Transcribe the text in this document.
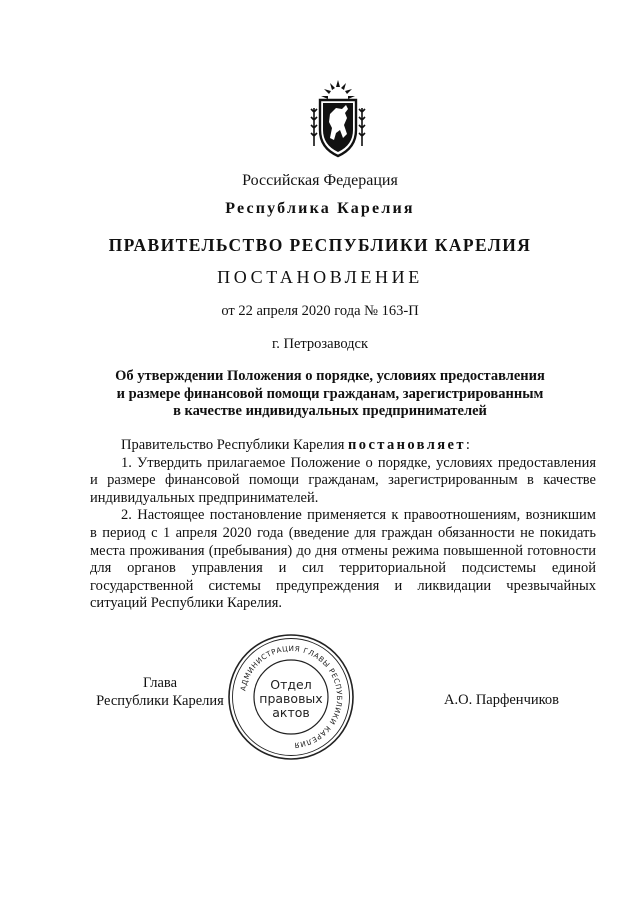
Российская Федерация
Республика Карелия
ПРАВИТЕЛЬСТВО РЕСПУБЛИКИ КАРЕЛИЯ
ПОСТАНОВЛЕНИЕ
от 22 апреля 2020 года № 163-П
г. Петрозаводск
Об утверждении Положения о порядке, условиях предоставления
и размере финансовой помощи гражданам, зарегистрированным
в качестве индивидуальных предпринимателей

Правительство Республики Карелия постановляет:

1. Утвердить прилагаемое Положение о порядке, условиях предоставления и размере финансовой помощи гражданам, зарегистрированным в качестве индивидуальных предпринимателей.

2. Настоящее постановление применяется к правоотношениям, возникшим в период с 1 апреля 2020 года (введение для граждан обязанности не покидать места проживания (пребывания) до дня отмены режима повышенной готовности для органов управления и сил территориальной подсистемы единой государственной системы предупреждения и ликвидации чрезвычайных ситуаций Республики Карелия.

Глава
Республики Карелия	А.О. Парфенчиков
АДМИНИСТРАЦИЯ ГЛАВЫ РЕСПУБЛИКИ КАРЕЛИЯ
Отдел
правовых
актов
